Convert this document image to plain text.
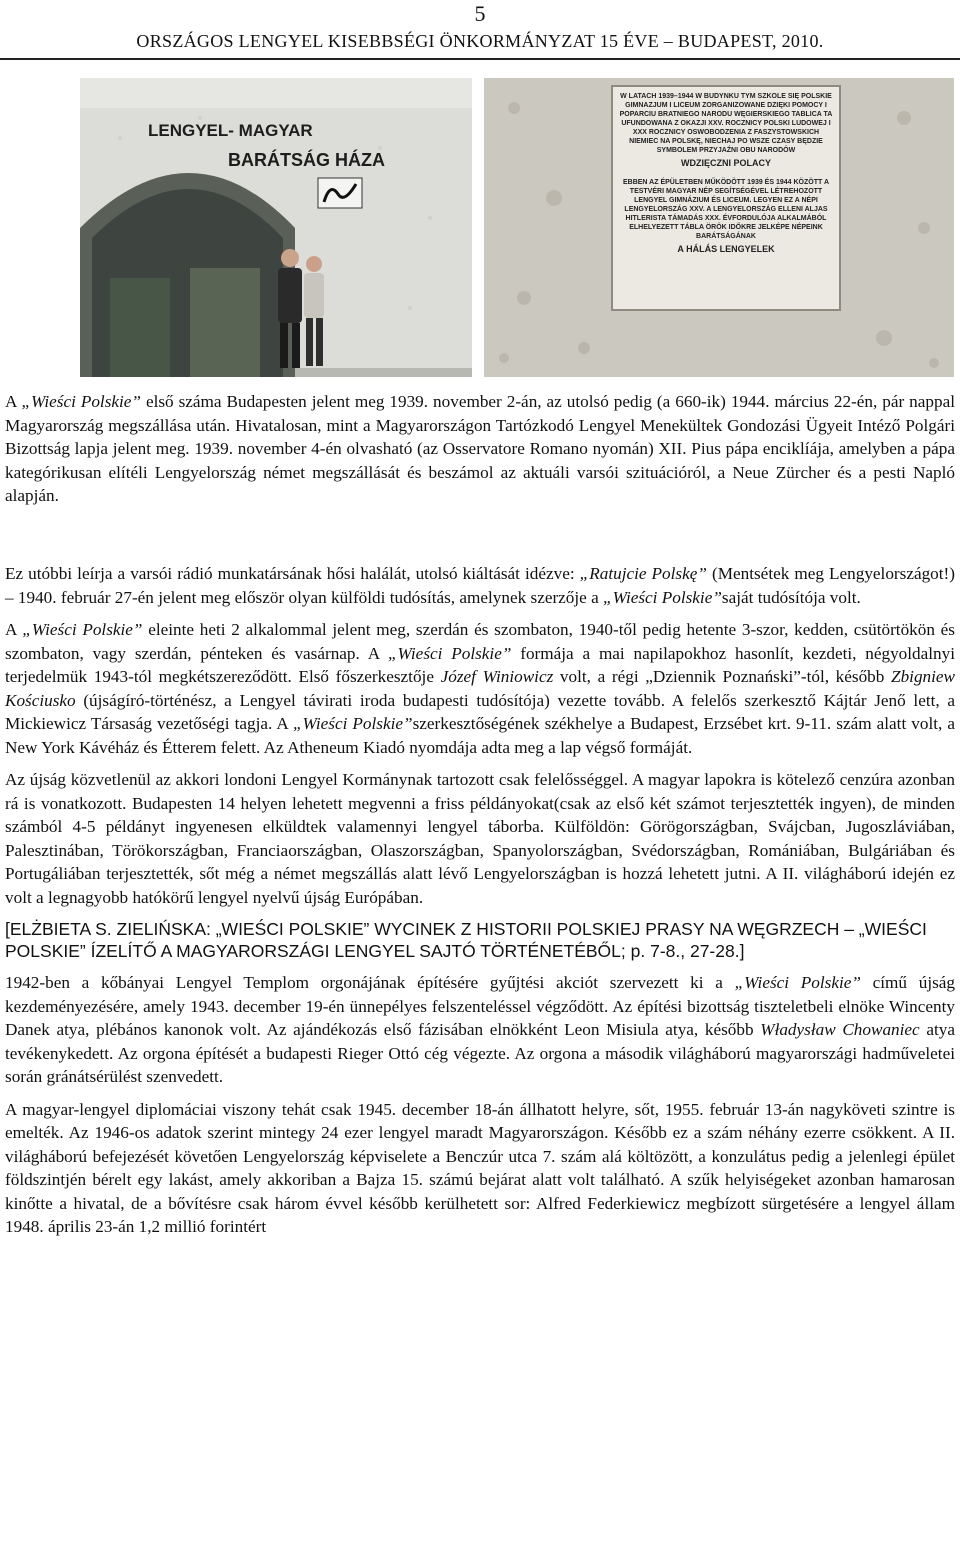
5
ORSZÁGOS LENGYEL KISEBBSÉGI ÖNKORMÁNYZAT 15 ÉVE – BUDAPEST, 2010.
LENGYEL- MAGYAR
BARÁTSÁG HÁZA
W LATACH 1939–1944 W BUDYNKU TYM SZKOLE SIĘ POLSKIE GIMNAZJUM I LICEUM ZORGANIZOWANE DZIĘKI POMOCY I POPARCIU BRATNIEGO NARODU WĘGIERSKIEGO TABLICA TA UFUNDOWANA Z OKAZJI XXV. ROCZNICY POLSKI LUDOWEJ I XXX ROCZNICY OSWOBODZENIA Z FASZYSTOWSKICH NIEMIEC NA POLSKĘ, NIECHAJ PO WSZE CZASY BĘDZIE SYMBOLEM PRZYJAŹNI OBU NARODÓW
WDZIĘCZNI POLACY
EBBEN AZ ÉPÜLETBEN MŰKÖDÖTT 1939 ÉS 1944 KÖZÖTT A TESTVÉRI MAGYAR NÉP SEGÍTSÉGÉVEL LÉTREHOZOTT LENGYEL GIMNÁZIUM ÉS LICEUM. LEGYEN EZ A NÉPI LENGYELORSZÁG XXV. A LENGYELORSZÁG ELLENI ALJAS HITLERISTA TÁMADÁS XXX. ÉVFORDULÓJA ALKALMÁBÓL ELHELYEZETT TÁBLA ÖRÖK IDŐKRE JELKÉPE NÉPEINK BARÁTSÁGÁNAK
A HÁLÁS LENGYELEK

A „Wieści Polskie” első száma Budapesten jelent meg 1939. november 2-án, az utolsó pedig (a 660-ik) 1944. március 22-én, pár nappal Magyarország megszállása után. Hivatalosan, mint a Magyarországon Tartózkodó Lengyel Menekültek Gondozási Ügyeit Intéző Polgári Bizottság lapja jelent meg. 1939. november 4-én olvasható (az Osservatore Romano nyomán) XII. Pius pápa enciklíája, amelyben a pápa kategórikusan elítéli Lengyelország német megszállását és beszámol az aktuáli varsói szituációról, a Neue Zürcher és a pesti Napló alapján.

Ez utóbbi leírja a varsói rádió munkatársának hősi halálát, utolsó kiáltását idézve: „Ratujcie Polskę” (Mentsétek meg Lengyelországot!) – 1940. február 27-én jelent meg először olyan külföldi tudósítás, amelynek szerzője a „Wieści Polskie”saját tudósítója volt.

A „Wieści Polskie” eleinte heti 2 alkalommal jelent meg, szerdán és szombaton, 1940-től pedig hetente 3-szor, kedden, csütörtökön és szombaton, vagy szerdán, pénteken és vasárnap. A „Wieści Polskie” formája a mai napilapokhoz hasonlít, kezdeti, négyoldalnyi terjedelmük 1943-tól megkétszereződött. Első főszerkesztője Józef Winiowicz volt, a régi „Dziennik Poznański”-tól, később Zbigniew Kościusko (újságíró-történész, a Lengyel távirati iroda budapesti tudósítója) vezette tovább. A felelős szerkesztő Kájtár Jenő lett, a Mickiewicz Társaság vezetőségi tagja. A „Wieści Polskie”szerkesztőségének székhelye a Budapest, Erzsébet krt. 9-11. szám alatt volt, a New York Kávéház és Étterem felett. Az Atheneum Kiadó nyomdája adta meg a lap végső formáját.

Az újság közvetlenül az akkori londoni Lengyel Kormánynak tartozott csak felelősséggel. A magyar lapokra is kötelező cenzúra azonban rá is vonatkozott. Budapesten 14 helyen lehetett megvenni a friss példányokat(csak az első két számot terjesztették ingyen), de minden számból 4-5 példányt ingyenesen elküldtek valamennyi lengyel táborba. Külföldön: Görögországban, Svájcban, Jugoszláviában, Palesztinában, Törökországban, Franciaországban, Olaszországban, Spanyolországban, Svédországban, Romániában, Bulgáriában és Portugáliában terjesztették, sőt még a német megszállás alatt lévő Lengyelországban is hozzá lehetett jutni. A II. világháború idején ez volt a legnagyobb hatókörű lengyel nyelvű újság Európában.

[ELŻBIETA S. ZIELIŃSKA: „WIEŚCI POLSKIE” WYCINEK Z HISTORII POLSKIEJ PRASY NA WĘGRZECH – „WIEŚCI POLSKIE” ÍZELÍTŐ A MAGYARORSZÁGI LENGYEL SAJTÓ TÖRTÉNETÉBŐL; p. 7-8., 27-28.]

1942-ben a kőbányai Lengyel Templom orgonájának építésére gyűjtési akciót szervezett ki a „Wieści Polskie” című újság kezdeményezésére, amely 1943. december 19-én ünnepélyes felszenteléssel végződött. Az építési bizottság tiszteletbeli elnöke Wincenty Danek atya, plébános kanonok volt. Az ajándékozás első fázisában elnökként Leon Misiula atya, később Władysław Chowaniec atya tevékenykedett. Az orgona építését a budapesti Rieger Ottó cég végezte. Az orgona a második világháború magyarországi hadműveletei során gránátsérülést szenvedett.

A magyar-lengyel diplomáciai viszony tehát csak 1945. december 18-án állhatott helyre, sőt, 1955. február 13-án nagyköveti szintre is emelték. Az 1946-os adatok szerint mintegy 24 ezer lengyel maradt Magyarországon. Később ez a szám néhány ezerre csökkent. A II. világháború befejezését követően Lengyelország képviselete a Benczúr utca 7. szám alá költözött, a konzulátus pedig a jelenlegi épület földszintjén bérelt egy lakást, amely akkoriban a Bajza 15. számú bejárat alatt volt található. A szűk helyiségeket azonban hamarosan kinőtte a hivatal, de a bővítésre csak három évvel később kerülhetett sor: Alfred Federkiewicz megbízott sürgetésére a lengyel állam 1948. április 23-án 1,2 millió forintért
